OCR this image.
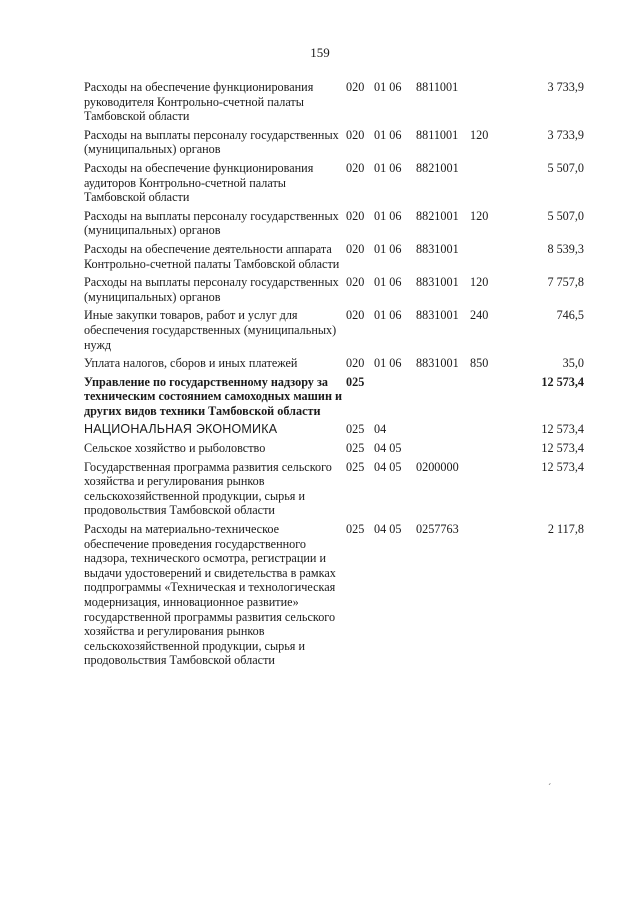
159
Расходы на обеспечение функционирования руководителя Контрольно-счетной палаты Тамбовской области	020	01 06	8811001		3 733,9
Расходы на выплаты персоналу государственных (муниципальных) органов	020	01 06	8811001	120	3 733,9
Расходы на обеспечение функционирования аудиторов Контрольно-счетной палаты Тамбовской области	020	01 06	8821001		5 507,0
Расходы на выплаты персоналу государственных (муниципальных) органов	020	01 06	8821001	120	5 507,0
Расходы на обеспечение деятельности аппарата Контрольно-счетной палаты Тамбовской области	020	01 06	8831001		8 539,3
Расходы на выплаты персоналу государственных (муниципальных) органов	020	01 06	8831001	120	7 757,8
Иные закупки товаров, работ и услуг для обеспечения государственных (муниципальных) нужд	020	01 06	8831001	240	746,5
Уплата налогов, сборов и иных платежей	020	01 06	8831001	850	35,0
Управление по государственному надзору за техническим состоянием самоходных машин и других видов техники Тамбовской области	025				12 573,4
НАЦИОНАЛЬНАЯ ЭКОНОМИКА	025	04			12 573,4
Сельское хозяйство и рыболовство	025	04 05			12 573,4
Государственная программа развития сельского хозяйства и регулирования рынков сельскохозяйственной продукции, сырья и продовольствия Тамбовской области	025	04 05	0200000		12 573,4
Расходы на материально-техническое обеспечение проведения государственного надзора, технического осмотра, регистрации и выдачи удостоверений и свидетельства в рамках подпрограммы «Техническая и технологическая модернизация, инновационное развитие» государственной программы развития сельского хозяйства и регулирования рынков сельскохозяйственной продукции, сырья и продовольствия Тамбовской области	025	04 05	0257763		2 117,8
ˊ
